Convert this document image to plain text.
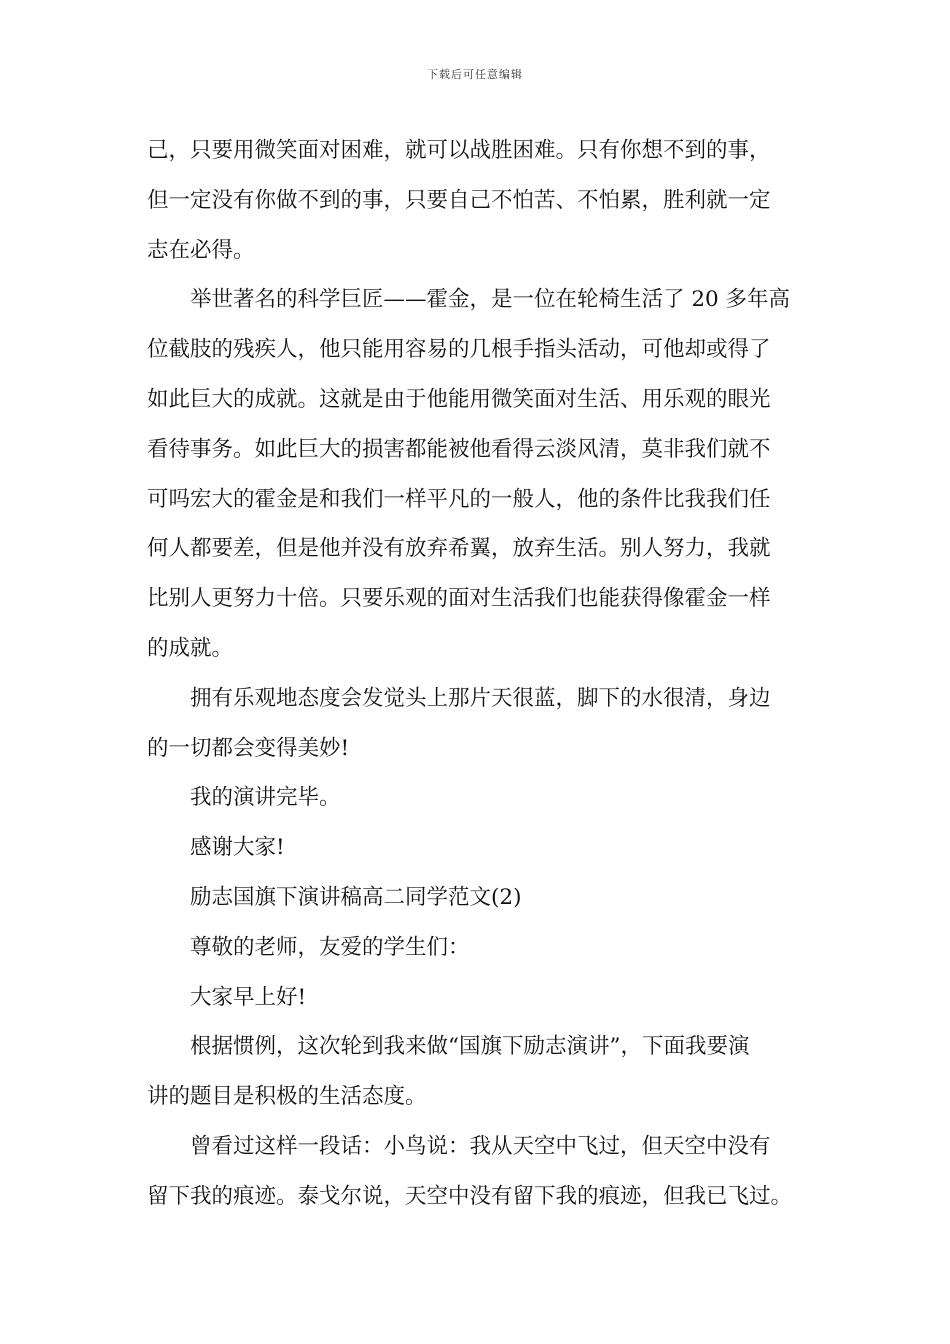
下载后可任意编辑
己，只要用微笑面对困难，就可以战胜困难。只有你想不到的事，
但一定没有你做不到的事，只要自己不怕苦、不怕累，胜利就一定
志在必得。
举世著名的科学巨匠——霍金，是一位在轮椅生活了 20 多年高
位截肢的残疾人，他只能用容易的几根手指头活动，可他却或得了
如此巨大的成就。这就是由于他能用微笑面对生活、用乐观的眼光
看待事务。如此巨大的损害都能被他看得云淡风清，莫非我们就不
可吗宏大的霍金是和我们一样平凡的一般人，他的条件比我我们任
何人都要差，但是他并没有放弃希翼，放弃生活。别人努力，我就
比别人更努力十倍。只要乐观的面对生活我们也能获得像霍金一样
的成就。
拥有乐观地态度会发觉头上那片天很蓝，脚下的水很清，身边
的一切都会变得美妙!
我的演讲完毕。
感谢大家!
励志国旗下演讲稿高二同学范文(2)
尊敬的老师，友爱的学生们：
大家早上好!
根据惯例，这次轮到我来做“国旗下励志演讲”，下面我要演
讲的题目是积极的生活态度。
曾看过这样一段话：小鸟说：我从天空中飞过，但天空中没有
留下我的痕迹。泰戈尔说，天空中没有留下我的痕迹，但我已飞过。
